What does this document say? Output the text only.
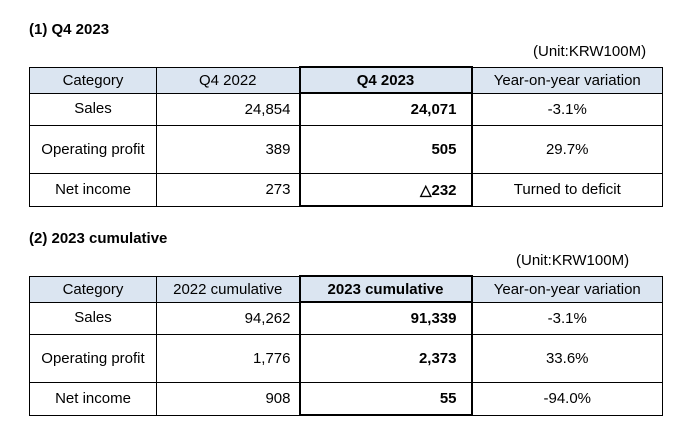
(1) Q4 2023
(Unit:KRW100M)
Category	Q4 2022	Q4 2023	Year-on-year variation
Sales	24,854	24,071	-3.1%
Operating profit	389	505	29.7%
Net income	273	△232	Turned to deficit
(2) 2023 cumulative
(Unit:KRW100M)
Category	2022 cumulative	2023 cumulative	Year-on-year variation
Sales	94,262	91,339	-3.1%
Operating profit	1,776	2,373	33.6%
Net income	908	55	-94.0%
